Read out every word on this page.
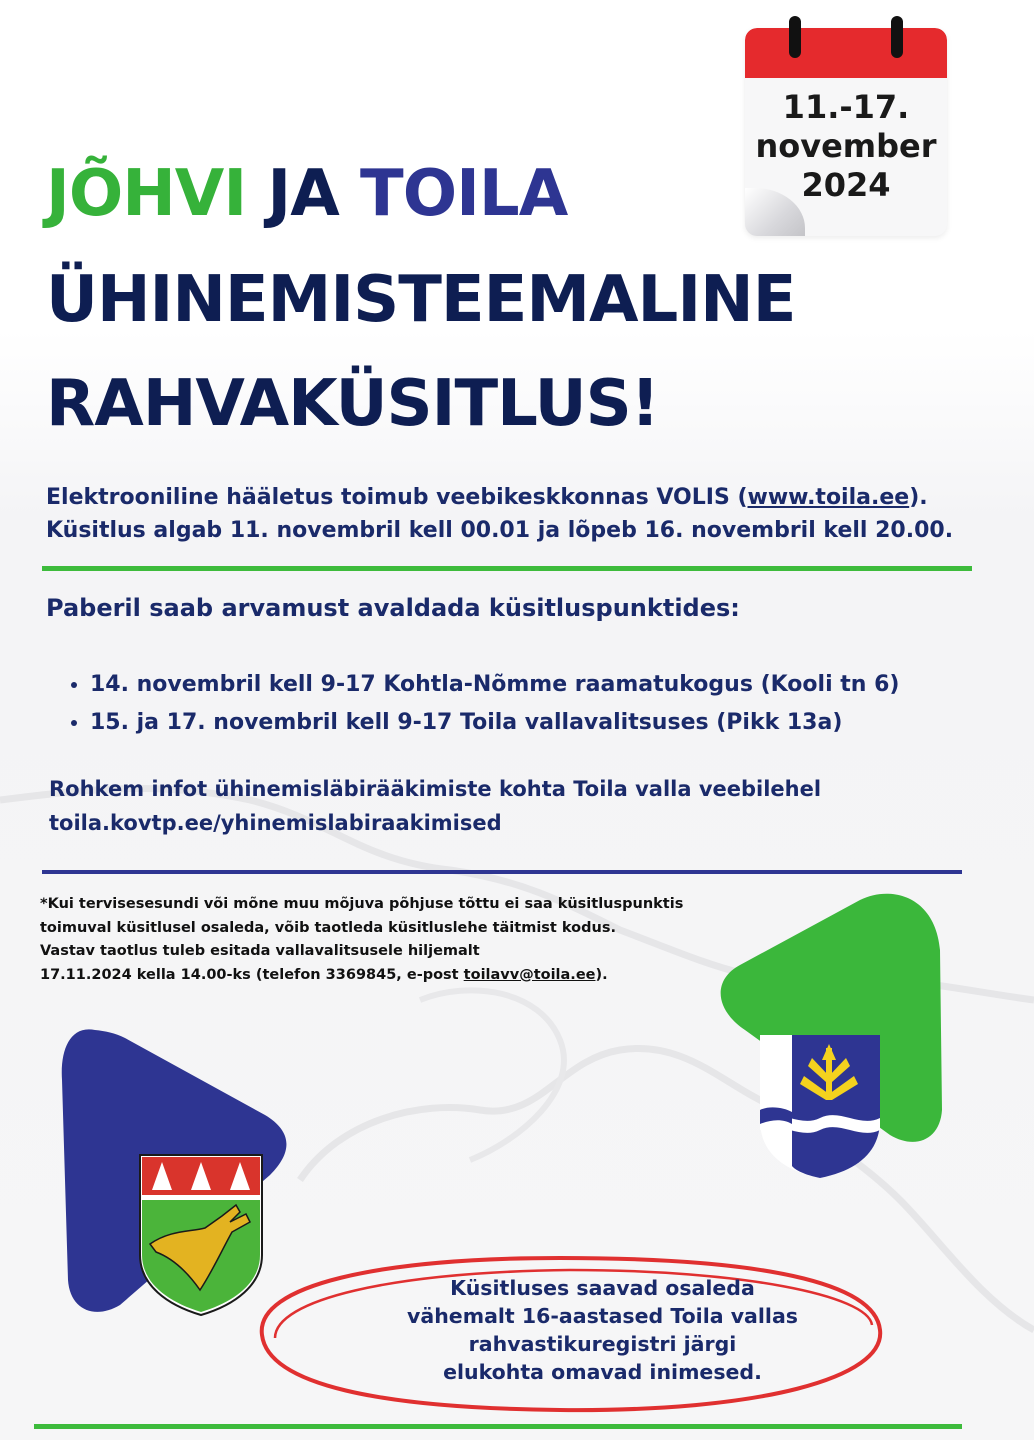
11.-17.
november
2024
JÕHVI JA TOILA
ÜHINEMISTEEMALINE
RAHVAKÜSITLUS!
Elektrooniline hääletus toimub veebikeskkonnas VOLIS (www.toila.ee).
Küsitlus algab 11. novembril kell 00.01 ja lõpeb 16. novembril kell 20.00.
Paberil saab arvamust avaldada küsitluspunktides:
• 14. novembril kell 9-17 Kohtla-Nõmme raamatukogus (Kooli tn 6)
• 15. ja 17. novembril kell 9-17 Toila vallavalitsuses (Pikk 13a)
Rohkem infot ühinemisläbirääkimiste kohta Toila valla veebilehel
toila.kovtp.ee/yhinemislabiraakimised
*Kui tervisesesundi või mõne muu mõjuva põhjuse tõttu ei saa küsitluspunktis
toimuval küsitlusel osaleda, võib taotleda küsitluslehe täitmist kodus.
Vastav taotlus tuleb esitada vallavalitsusele hiljemalt
17.11.2024 kella 14.00-ks (telefon 3369845, e-post toilavv@toila.ee).
Küsitluses saavad osaleda
vähemalt 16-aastased Toila vallas
rahvastikuregistri järgi
elukohta omavad inimesed.
